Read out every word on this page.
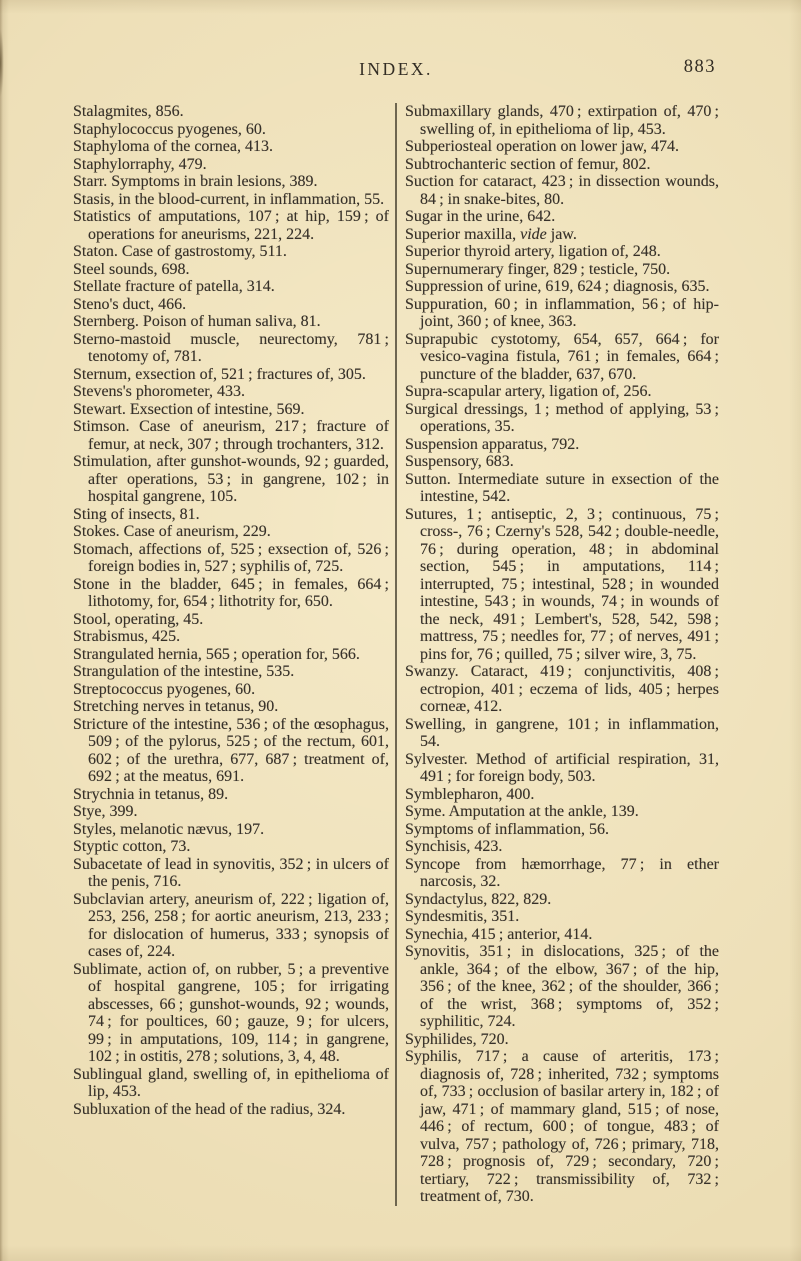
INDEX.	883

Stalagmites, 856.

Staphylococcus pyogenes, 60.

Staphyloma of the cornea, 413.

Staphylorraphy, 479.

Starr. Symptoms in brain lesions, 389.

Stasis, in the blood-current, in inflammation, 55.

Statistics of amputations, 107 ; at hip, 159 ; of operations for aneurisms, 221, 224.

Staton. Case of gastrostomy, 511.

Steel sounds, 698.

Stellate fracture of patella, 314.

Steno's duct, 466.

Sternberg. Poison of human saliva, 81.

Sterno-mastoid muscle, neurectomy, 781 ; tenotomy of, 781.

Sternum, exsection of, 521 ; fractures of, 305.

Stevens's phorometer, 433.

Stewart. Exsection of intestine, 569.

Stimson. Case of aneurism, 217 ; fracture of femur, at neck, 307 ; through trochanters, 312.

Stimulation, after gunshot-wounds, 92 ; guarded, after operations, 53 ; in gangrene, 102 ; in hospital gangrene, 105.

Sting of insects, 81.

Stokes. Case of aneurism, 229.

Stomach, affections of, 525 ; exsection of, 526 ; foreign bodies in, 527 ; syphilis of, 725.

Stone in the bladder, 645 ; in females, 664 ; lithotomy, for, 654 ; lithotrity for, 650.

Stool, operating, 45.

Strabismus, 425.

Strangulated hernia, 565 ; operation for, 566.

Strangulation of the intestine, 535.

Streptococcus pyogenes, 60.

Stretching nerves in tetanus, 90.

Stricture of the intestine, 536 ; of the œsophagus, 509 ; of the pylorus, 525 ; of the rectum, 601, 602 ; of the urethra, 677, 687 ; treatment of, 692 ; at the meatus, 691.

Strychnia in tetanus, 89.

Stye, 399.

Styles, melanotic nævus, 197.

Styptic cotton, 73.

Subacetate of lead in synovitis, 352 ; in ulcers of the penis, 716.

Subclavian artery, aneurism of, 222 ; ligation of, 253, 256, 258 ; for aortic aneurism, 213, 233 ; for dislocation of humerus, 333 ; synopsis of cases of, 224.

Sublimate, action of, on rubber, 5 ; a preventive of hospital gangrene, 105 ; for irrigating abscesses, 66 ; gunshot-wounds, 92 ; wounds, 74 ; for poultices, 60 ; gauze, 9 ; for ulcers, 99 ; in amputations, 109, 114 ; in gangrene, 102 ; in ostitis, 278 ; solutions, 3, 4, 48.

Sublingual gland, swelling of, in epithelioma of lip, 453.

Subluxation of the head of the radius, 324.

Submaxillary glands, 470 ; extirpation of, 470 ; swelling of, in epithelioma of lip, 453.

Subperiosteal operation on lower jaw, 474.

Subtrochanteric section of femur, 802.

Suction for cataract, 423 ; in dissection wounds, 84 ; in snake-bites, 80.

Sugar in the urine, 642.

Superior maxilla, vide jaw.

Superior thyroid artery, ligation of, 248.

Supernumerary finger, 829 ; testicle, 750.

Suppression of urine, 619, 624 ; diagnosis, 635.

Suppuration, 60 ; in inflammation, 56 ; of hip-joint, 360 ; of knee, 363.

Suprapubic cystotomy, 654, 657, 664 ; for vesico-vagina fistula, 761 ; in females, 664 ; puncture of the bladder, 637, 670.

Supra-scapular artery, ligation of, 256.

Surgical dressings, 1 ; method of applying, 53 ; operations, 35.

Suspension apparatus, 792.

Suspensory, 683.

Sutton. Intermediate suture in exsection of the intestine, 542.

Sutures, 1 ; antiseptic, 2, 3 ; continuous, 75 ; cross-, 76 ; Czerny's 528, 542 ; double-needle, 76 ; during operation, 48 ; in abdominal section, 545 ; in amputations, 114 ; interrupted, 75 ; intestinal, 528 ; in wounded intestine, 543 ; in wounds, 74 ; in wounds of the neck, 491 ; Lembert's, 528, 542, 598 ; mattress, 75 ; needles for, 77 ; of nerves, 491 ; pins for, 76 ; quilled, 75 ; silver wire, 3, 75.

Swanzy. Cataract, 419 ; conjunctivitis, 408 ; ectropion, 401 ; eczema of lids, 405 ; herpes corneæ, 412.

Swelling, in gangrene, 101 ; in inflammation, 54.

Sylvester. Method of artificial respiration, 31, 491 ; for foreign body, 503.

Symblepharon, 400.

Syme. Amputation at the ankle, 139.

Symptoms of inflammation, 56.

Synchisis, 423.

Syncope from hæmorrhage, 77 ; in ether narcosis, 32.

Syndactylus, 822, 829.

Syndesmitis, 351.

Synechia, 415 ; anterior, 414.

Synovitis, 351 ; in dislocations, 325 ; of the ankle, 364 ; of the elbow, 367 ; of the hip, 356 ; of the knee, 362 ; of the shoulder, 366 ; of the wrist, 368 ; symptoms of, 352 ; syphilitic, 724.

Syphilides, 720.

Syphilis, 717 ; a cause of arteritis, 173 ; diagnosis of, 728 ; inherited, 732 ; symptoms of, 733 ; occlusion of basilar artery in, 182 ; of jaw, 471 ; of mammary gland, 515 ; of nose, 446 ; of rectum, 600 ; of tongue, 483 ; of vulva, 757 ; pathology of, 726 ; primary, 718, 728 ; prognosis of, 729 ; secondary, 720 ; tertiary, 722 ; transmissibility of, 732 ; treatment of, 730.
